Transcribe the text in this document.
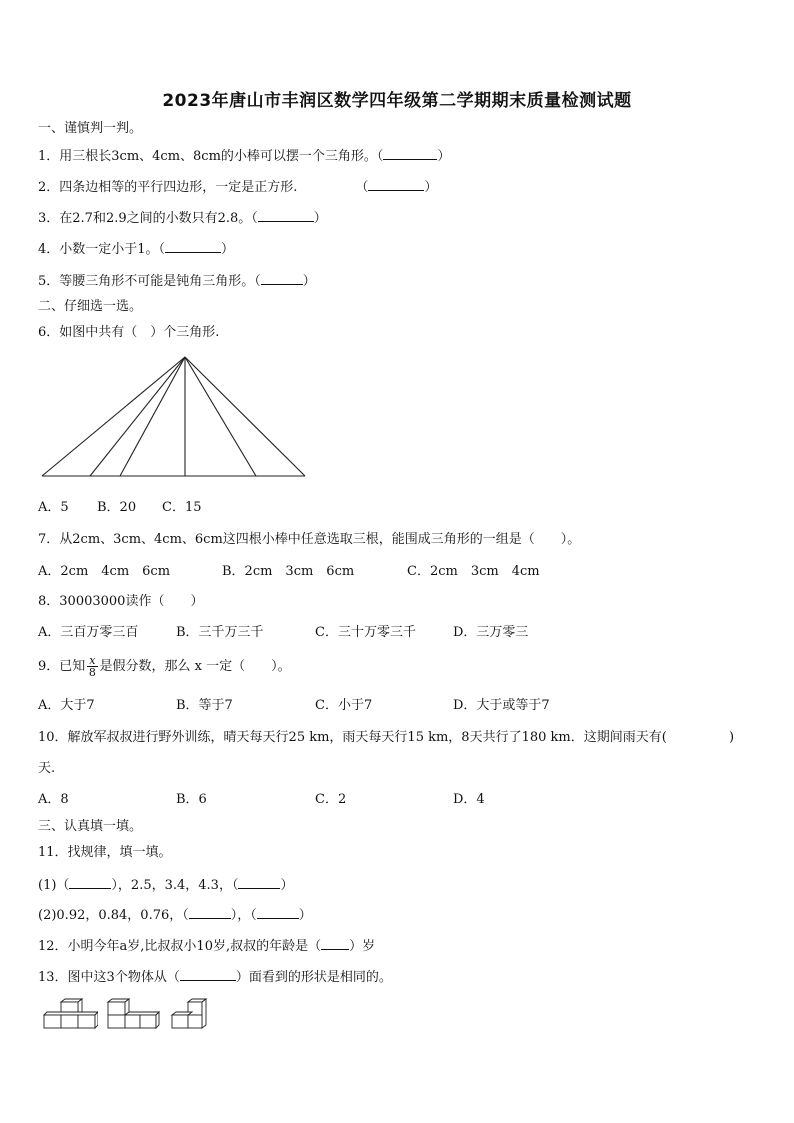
2023年唐山市丰润区数学四年级第二学期期末质量检测试题
一、谨慎判一判。
1．用三根长3cm、4cm、8cm的小棒可以摆一个三角形。（	）
2．四条边相等的平行四边形，一定是正方形.	（	）
3．在2.7和2.9之间的小数只有2.8。（	）
4．小数一定小于1。（	）
5．等腰三角形不可能是钝角三角形。（	）
二、仔细选一选。
6．如图中共有（　）个三角形.
A．5 B．20 C．15
7．从2cm、3cm、4cm、6cm这四根小棒中任意选取三根，能围成三角形的一组是（　　）。
A．2cm　4cm　6cm	B．2cm　3cm　6cm	C．2cm　3cm　4cm
8．30003000读作（　　）
A．三百万零三百	B．三千万三千	C．三十万零三千	D．三万零三
9．已知 $\frac{x}{8}$ 是假分数，那么 x 一定（　　）。
A．大于7	B．等于7	C．小于7	D．大于或等于7
10．解放军叔叔进行野外训练，晴天每天行25 km，雨天每天行15 km，8天共行了180 km．这期间雨天有(	)
天.
A．8	B．6	C．2	D．4
三、认真填一填。
11．找规律，填一填。
(1)（	），2.5，3.4，4.3，（	）
(2)0.92，0.84，0.76，（	），（	）
12．小明今年a岁,比叔叔小10岁,叔叔的年龄是（ ）岁
13．图中这3个物体从（	）面看到的形状是相同的。
